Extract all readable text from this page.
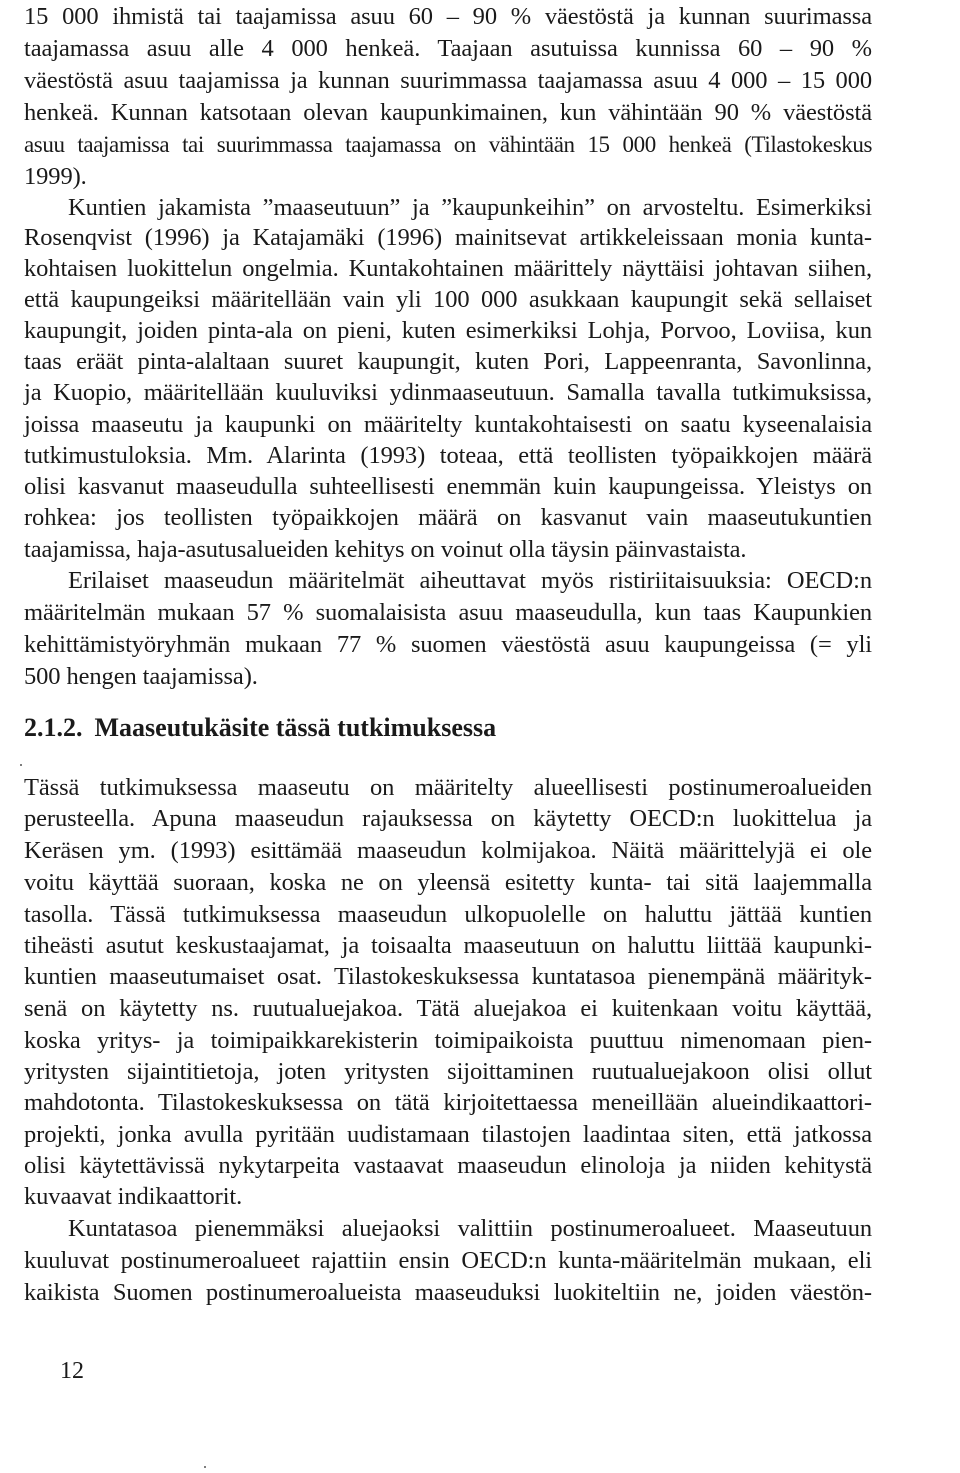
15 000 ihmistä tai taajamissa asuu 60 – 90 % väestöstä ja kunnan suurimassa
taajamassa asuu alle 4 000 henkeä. Taajaan asutuissa kunnissa 60 – 90 %
väestöstä asuu taajamissa ja kunnan suurimmassa taajamassa asuu 4 000 – 15 000
henkeä. Kunnan katsotaan olevan kaupunkimainen, kun vähintään 90 % väestöstä
asuu taajamissa tai suurimmassa taajamassa on vähintään 15 000 henkeä (Tilastokeskus
1999).
Kuntien jakamista ”maaseutuun” ja ”kaupunkeihin” on arvosteltu. Esimerkiksi
Rosenqvist (1996) ja Katajamäki (1996) mainitsevat artikkeleissaan monia kunta-
kohtaisen luokittelun ongelmia. Kuntakohtainen määrittely näyttäisi johtavan siihen,
että kaupungeiksi määritellään vain yli 100 000 asukkaan kaupungit sekä sellaiset
kaupungit, joiden pinta-ala on pieni, kuten esimerkiksi Lohja, Porvoo, Loviisa, kun
taas eräät pinta-alaltaan suuret kaupungit, kuten Pori, Lappeenranta, Savonlinna,
ja Kuopio, määritellään kuuluviksi ydinmaaseutuun. Samalla tavalla tutkimuksissa,
joissa maaseutu ja kaupunki on määritelty kuntakohtaisesti on saatu kyseenalaisia
tutkimustuloksia. Mm. Alarinta (1993) toteaa, että teollisten työpaikkojen määrä
olisi kasvanut maaseudulla suhteellisesti enemmän kuin kaupungeissa. Yleistys on
rohkea: jos teollisten työpaikkojen määrä on kasvanut vain maaseutukuntien
taajamissa, haja-asutusalueiden kehitys on voinut olla täysin päinvastaista.
Erilaiset maaseudun määritelmät aiheuttavat myös ristiriitaisuuksia: OECD:n
määritelmän mukaan 57 % suomalaisista asuu maaseudulla, kun taas Kaupunkien
kehittämistyöryhmän mukaan 77 % suomen väestöstä asuu kaupungeissa (= yli
500 hengen taajamissa).
2.1.2. Maaseutukäsite tässä tutkimuksessa
Tässä tutkimuksessa maaseutu on määritelty alueellisesti postinumeroalueiden
perusteella. Apuna maaseudun rajauksessa on käytetty OECD:n luokittelua ja
Keräsen ym. (1993) esittämää maaseudun kolmijakoa. Näitä määrittelyjä ei ole
voitu käyttää suoraan, koska ne on yleensä esitetty kunta- tai sitä laajemmalla
tasolla. Tässä tutkimuksessa maaseudun ulkopuolelle on haluttu jättää kuntien
tiheästi asutut keskustaajamat, ja toisaalta maaseutuun on haluttu liittää kaupunki-
kuntien maaseutumaiset osat. Tilastokeskuksessa kuntatasoa pienempänä määrityk-
senä on käytetty ns. ruutualuejakoa. Tätä aluejakoa ei kuitenkaan voitu käyttää,
koska yritys- ja toimipaikkarekisterin toimipaikoista puuttuu nimenomaan pien-
yritysten sijaintitietoja, joten yritysten sijoittaminen ruutualuejakoon olisi ollut
mahdotonta. Tilastokeskuksessa on tätä kirjoitettaessa meneillään alueindikaattori-
projekti, jonka avulla pyritään uudistamaan tilastojen laadintaa siten, että jatkossa
olisi käytettävissä nykytarpeita vastaavat maaseudun elinoloja ja niiden kehitystä
kuvaavat indikaattorit.
Kuntatasoa pienemmäksi aluejaoksi valittiin postinumeroalueet. Maaseutuun
kuuluvat postinumeroalueet rajattiin ensin OECD:n kunta-määritelmän mukaan, eli
kaikista Suomen postinumeroalueista maaseuduksi luokiteltiin ne, joiden väestön-
12
